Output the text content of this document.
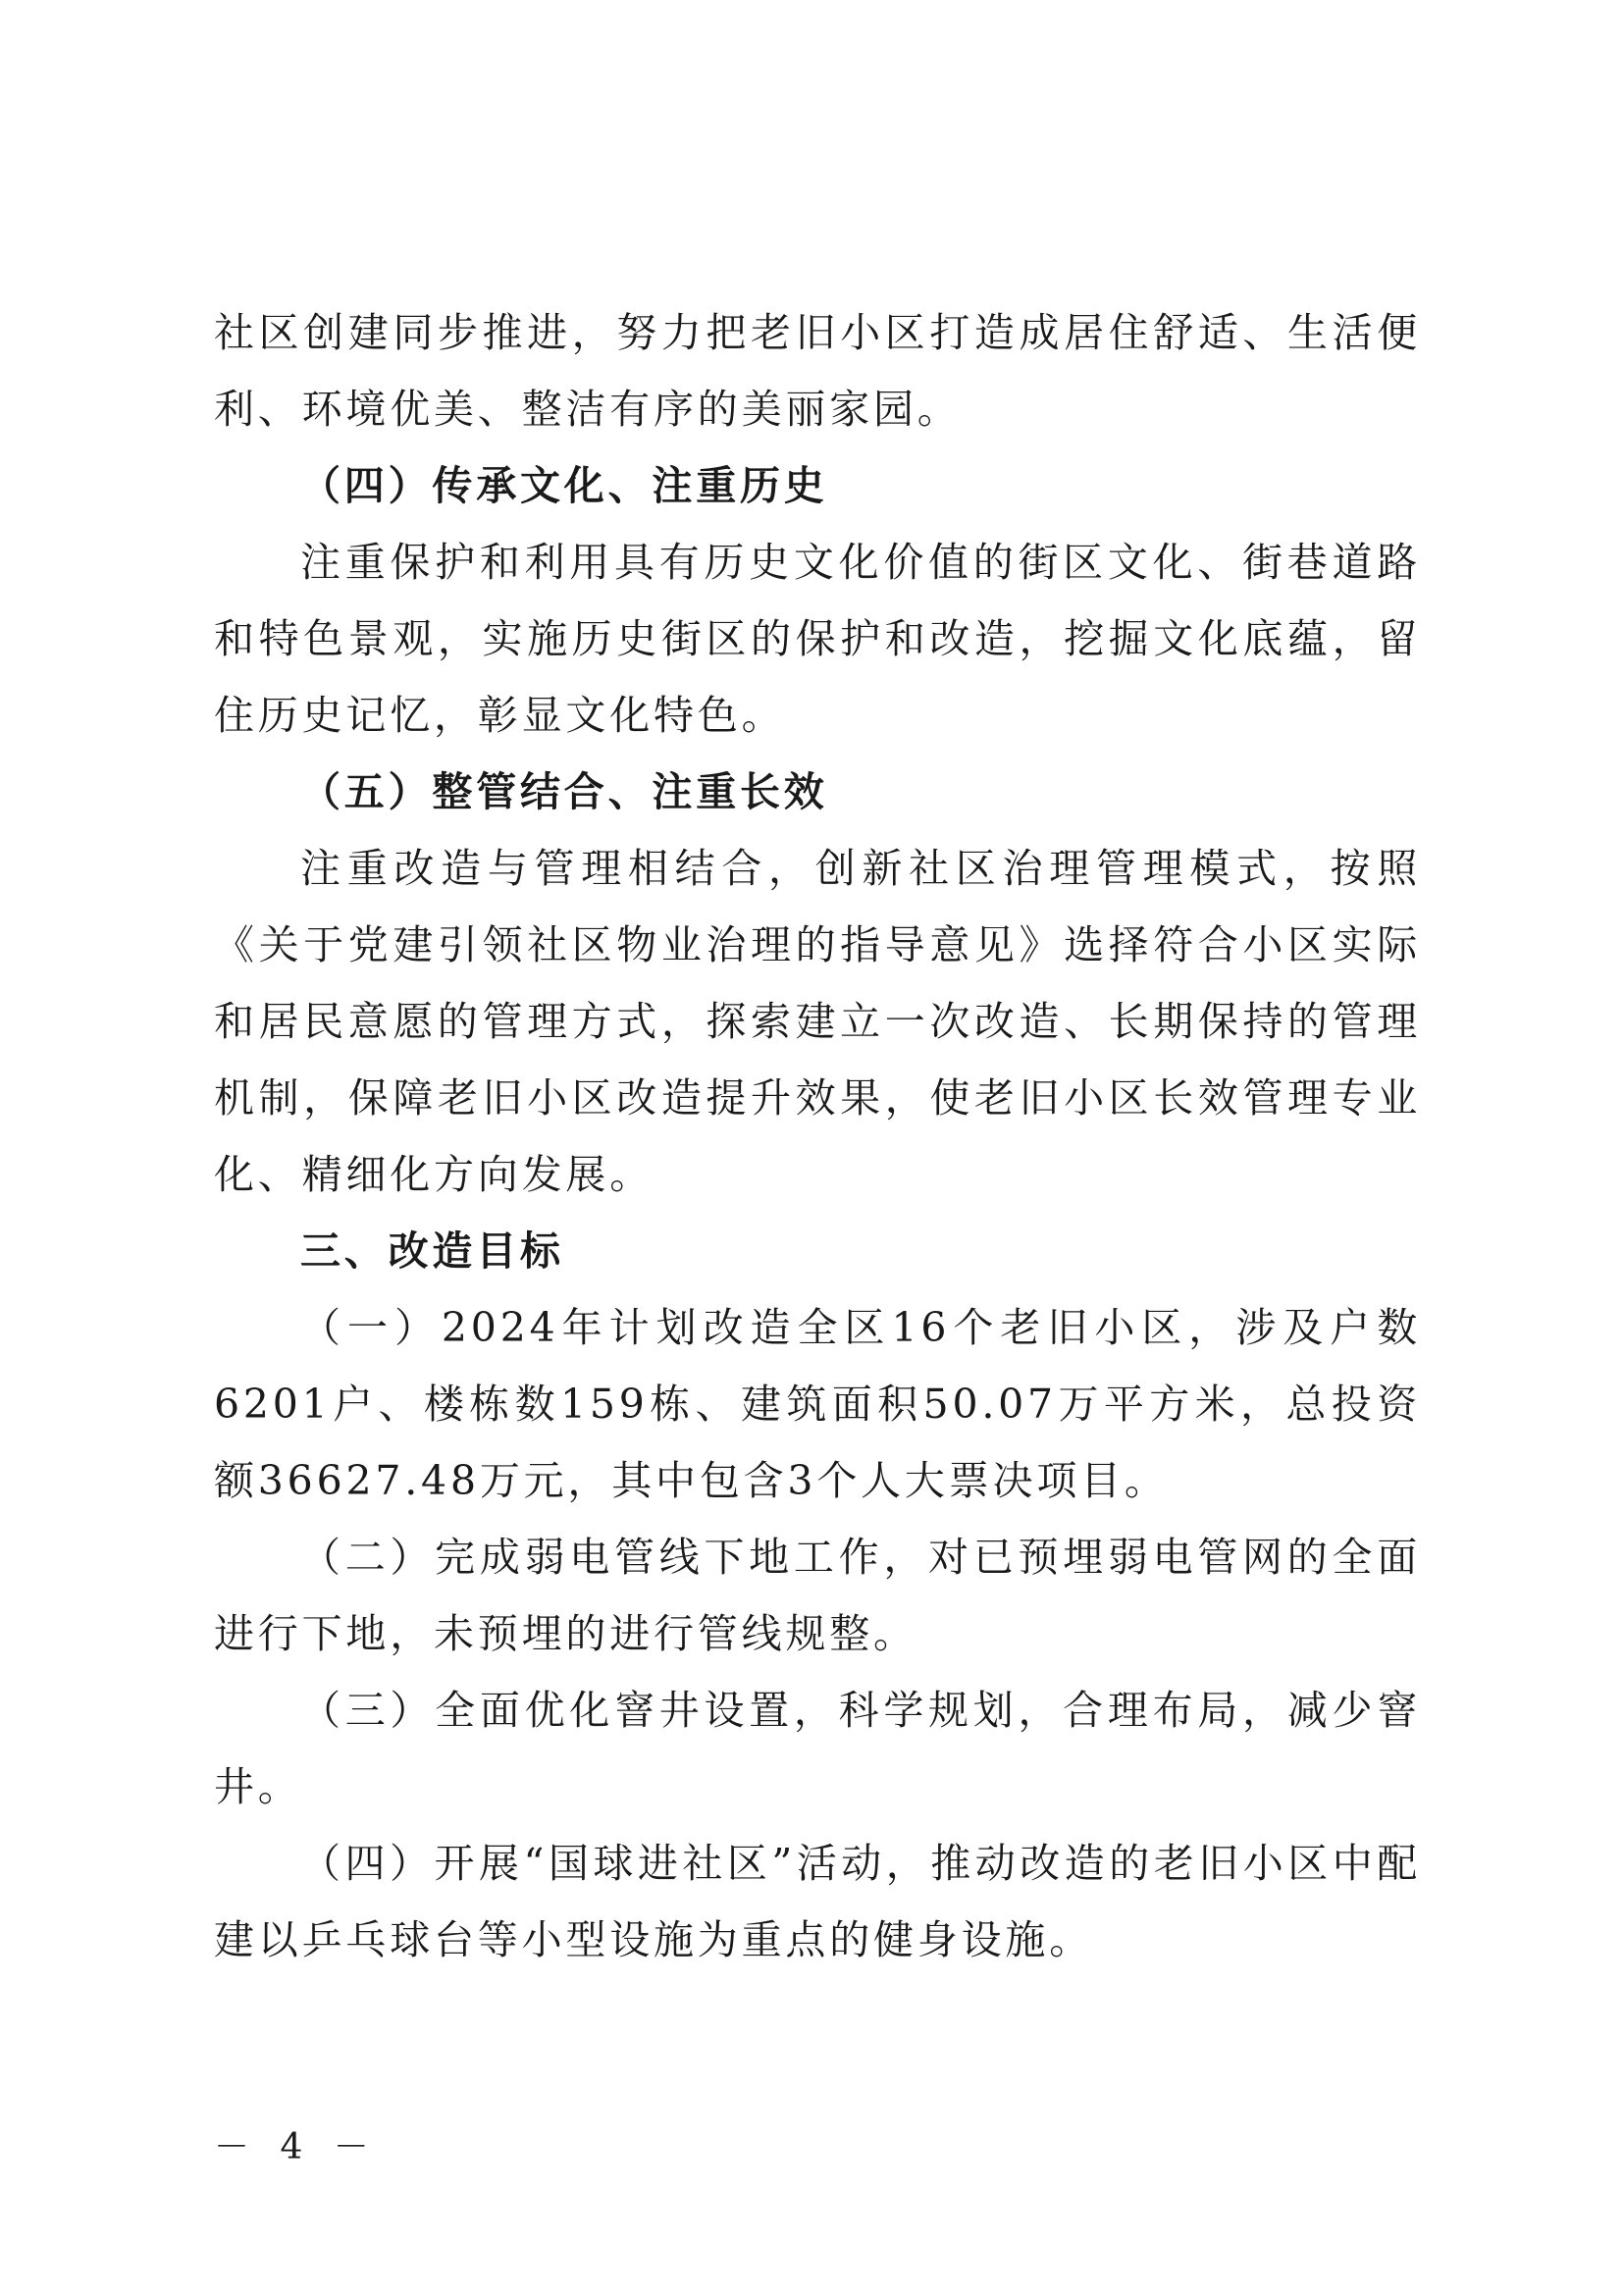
社区创建同步推进，努力把老旧小区打造成居住舒适、生活便利、环境优美、整洁有序的美丽家园。

（四）传承文化、注重历史

注重保护和利用具有历史文化价值的街区文化、街巷道路和特色景观，实施历史街区的保护和改造，挖掘文化底蕴，留住历史记忆，彰显文化特色。

（五）整管结合、注重长效

注重改造与管理相结合，创新社区治理管理模式，按照《关于党建引领社区物业治理的指导意见》选择符合小区实际和居民意愿的管理方式，探索建立一次改造、长期保持的管理机制，保障老旧小区改造提升效果，使老旧小区长效管理专业化、精细化方向发展。

三、改造目标

（一）2024年计划改造全区16个老旧小区，涉及户数6201户、楼栋数159栋、建筑面积50.07万平方米，总投资额36627.48万元，其中包含3个人大票决项目。

（二）完成弱电管线下地工作，对已预埋弱电管网的全面进行下地，未预埋的进行管线规整。

（三）全面优化窨井设置，科学规划，合理布局，减少窨井。

（四）开展“国球进社区”活动，推动改造的老旧小区中配建以乒乓球台等小型设施为重点的健身设施。

－ 4 －
